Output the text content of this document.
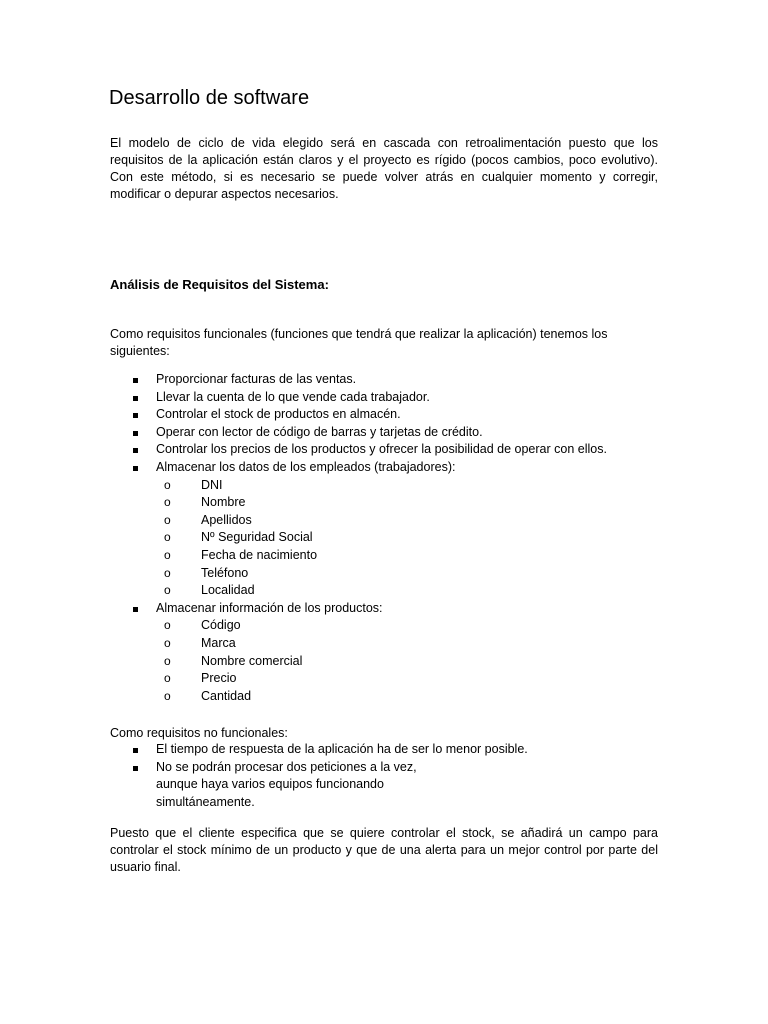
Desarrollo de software

El modelo de ciclo de vida elegido será en cascada con retroalimentación puesto que los requisitos de la aplicación están claros y el proyecto es rígido (pocos cambios, poco evolutivo). Con este método, si es necesario se puede volver atrás en cualquier momento y corregir, modificar o depurar aspectos necesarios.

Análisis de Requisitos del Sistema:

Como requisitos funcionales (funciones que tendrá que realizar la aplicación) tenemos los siguientes:

Proporcionar facturas de las ventas.
Llevar la cuenta de lo que vende cada trabajador.
Controlar el stock de productos en almacén.
Operar con lector de código de barras y tarjetas de crédito.
Controlar los precios de los productos y ofrecer la posibilidad de operar con ellos.
Almacenar los datos de los empleados (trabajadores):
o DNI
o Nombre
o Apellidos
o Nº Seguridad Social
o Fecha de nacimiento
o Teléfono
o Localidad
Almacenar información de los productos:
o Código
o Marca
o Nombre comercial
o Precio
o Cantidad

Como requisitos no funcionales:

El tiempo de respuesta de la aplicación ha de ser lo menor posible.
No se podrán procesar dos peticiones a la vez, aunque haya varios equipos funcionando simultáneamente.

Puesto que el cliente especifica que se quiere controlar el stock, se añadirá un campo para controlar el stock mínimo de un producto y que de una alerta para un mejor control por parte del usuario final.
